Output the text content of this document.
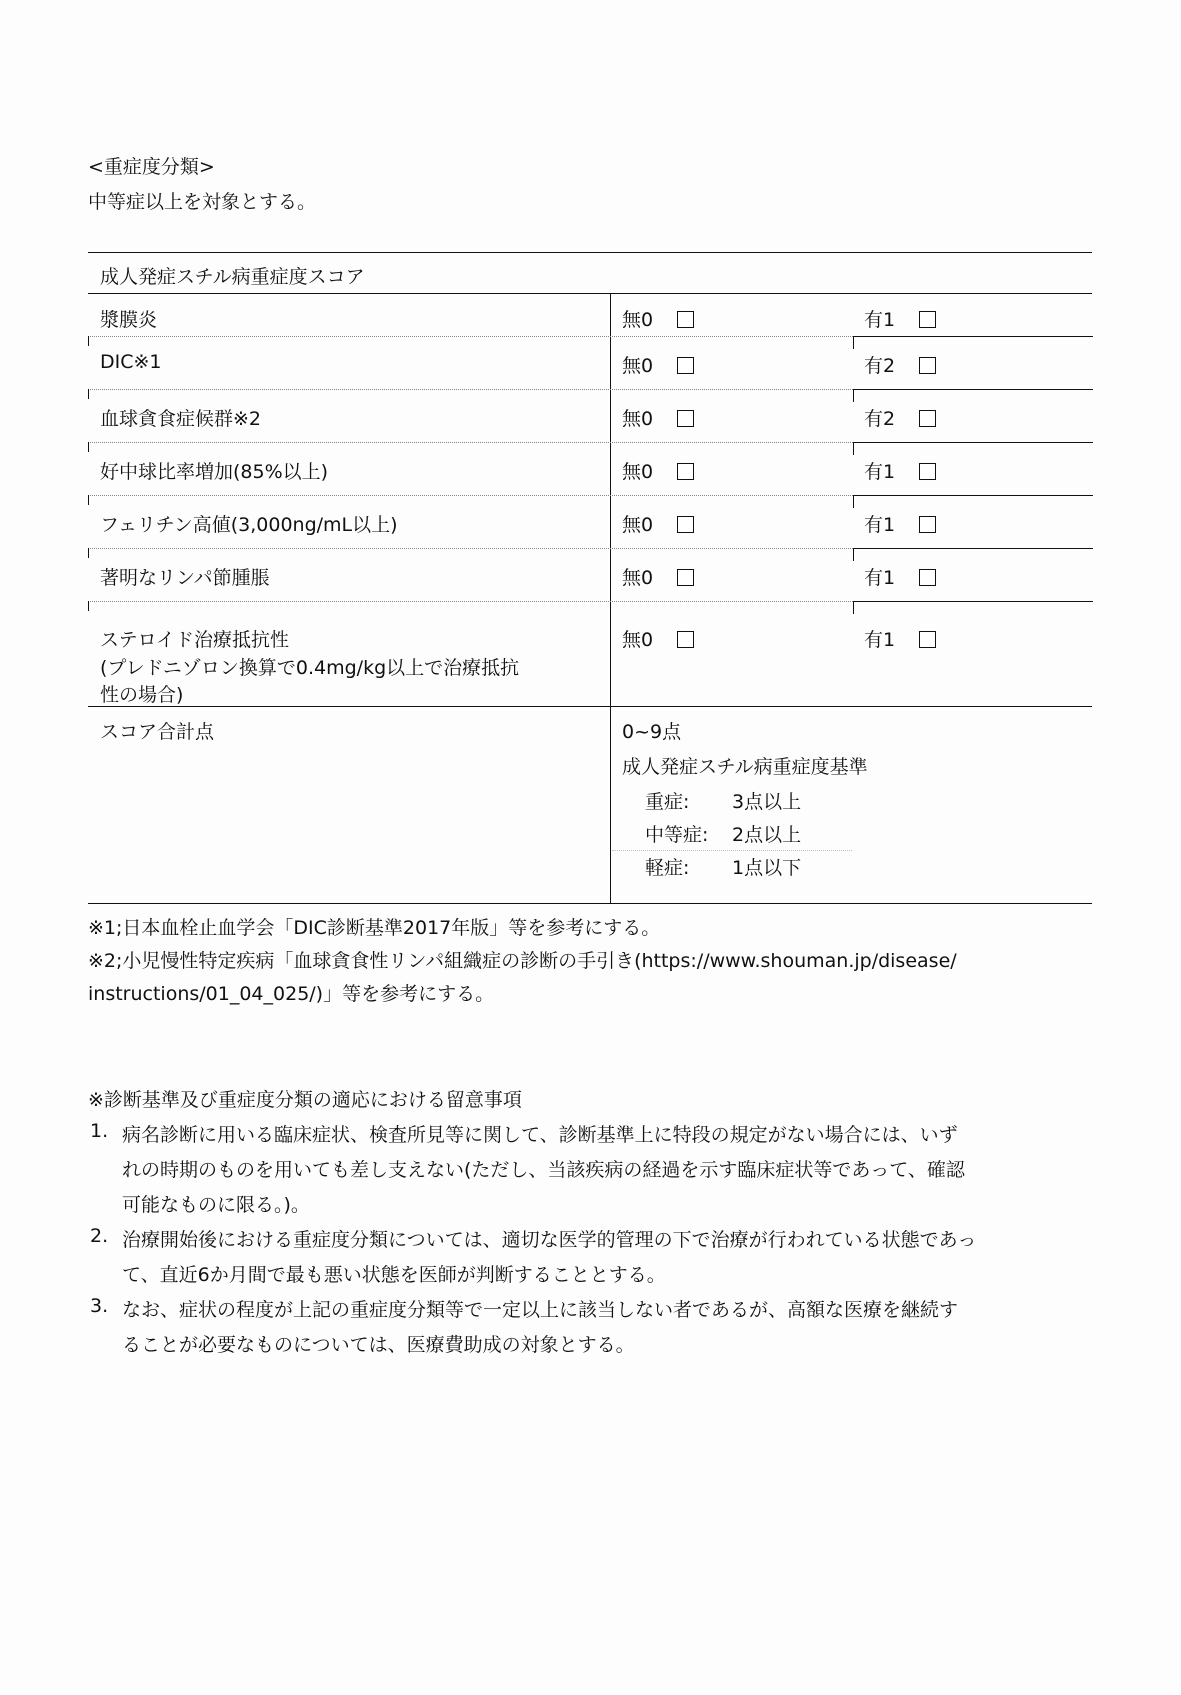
<重症度分類>
中等症以上を対象とする。
成人発症スチル病重症度スコア
漿膜炎	無0	有1
DIC※1	無0	有2
血球貪食症候群※2	無0	有2
好中球比率増加(85%以上)	無0	有1
フェリチン高値(3,000ng/mL以上)	無0	有1
著明なリンパ節腫脹	無0	有1
ステロイド治療抵抗性
(プレドニゾロン換算で0.4mg/kg以上で治療抵抗
性の場合)
無0	有1
スコア合計点	0~9点
成人発症スチル病重症度基準
重症: 3点以上
中等症: 2点以上
軽症: 1点以下
※1;日本血栓止血学会「DIC診断基準2017年版」等を参考にする。
※2;小児慢性特定疾病「血球貪食性リンパ組織症の診断の手引き(https://www.shouman.jp/disease/
instructions/01_04_025/)」等を参考にする。
※診断基準及び重症度分類の適応における留意事項
1. 病名診断に用いる臨床症状、検査所見等に関して、診断基準上に特段の規定がない場合には、いず
れの時期のものを用いても差し支えない(ただし、当該疾病の経過を示す臨床症状等であって、確認
可能なものに限る。)。
2. 治療開始後における重症度分類については、適切な医学的管理の下で治療が行われている状態であっ
て、直近6か月間で最も悪い状態を医師が判断することとする。
3. なお、症状の程度が上記の重症度分類等で一定以上に該当しない者であるが、高額な医療を継続す
ることが必要なものについては、医療費助成の対象とする。
